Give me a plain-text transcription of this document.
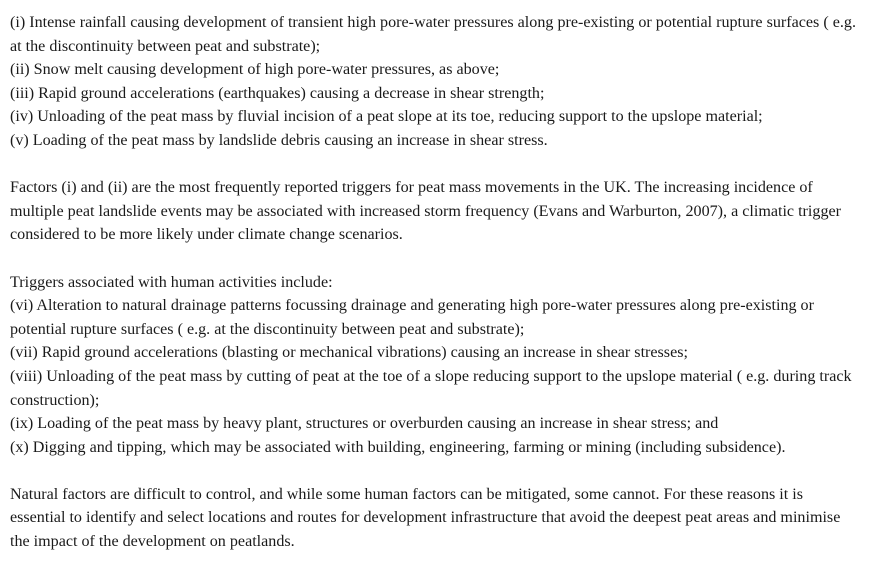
(i) Intense rainfall causing development of transient high pore-water pressures along pre-existing or potential rupture surfaces ( e.g. at the discontinuity between peat and substrate);

(ii) Snow melt causing development of high pore-water pressures, as above;

(iii) Rapid ground accelerations (earthquakes) causing a decrease in shear strength;

(iv) Unloading of the peat mass by fluvial incision of a peat slope at its toe, reducing support to the upslope material;

(v) Loading of the peat mass by landslide debris causing an increase in shear stress.

Factors (i) and (ii) are the most frequently reported triggers for peat mass movements in the UK. The increasing incidence of multiple peat landslide events may be associated with increased storm frequency (Evans and Warburton, 2007), a climatic trigger considered to be more likely under climate change scenarios.

Triggers associated with human activities include:

(vi) Alteration to natural drainage patterns focussing drainage and generating high pore-water pressures along pre-existing or potential rupture surfaces ( e.g. at the discontinuity between peat and substrate);

(vii) Rapid ground accelerations (blasting or mechanical vibrations) causing an increase in shear stresses;

(viii) Unloading of the peat mass by cutting of peat at the toe of a slope reducing support to the upslope material ( e.g. during track construction);

(ix) Loading of the peat mass by heavy plant, structures or overburden causing an increase in shear stress; and

(x) Digging and tipping, which may be associated with building, engineering, farming or mining (including subsidence).

Natural factors are difficult to control, and while some human factors can be mitigated, some cannot. For these reasons it is essential to identify and select locations and routes for development infrastructure that avoid the deepest peat areas and minimise the impact of the development on peatlands.
